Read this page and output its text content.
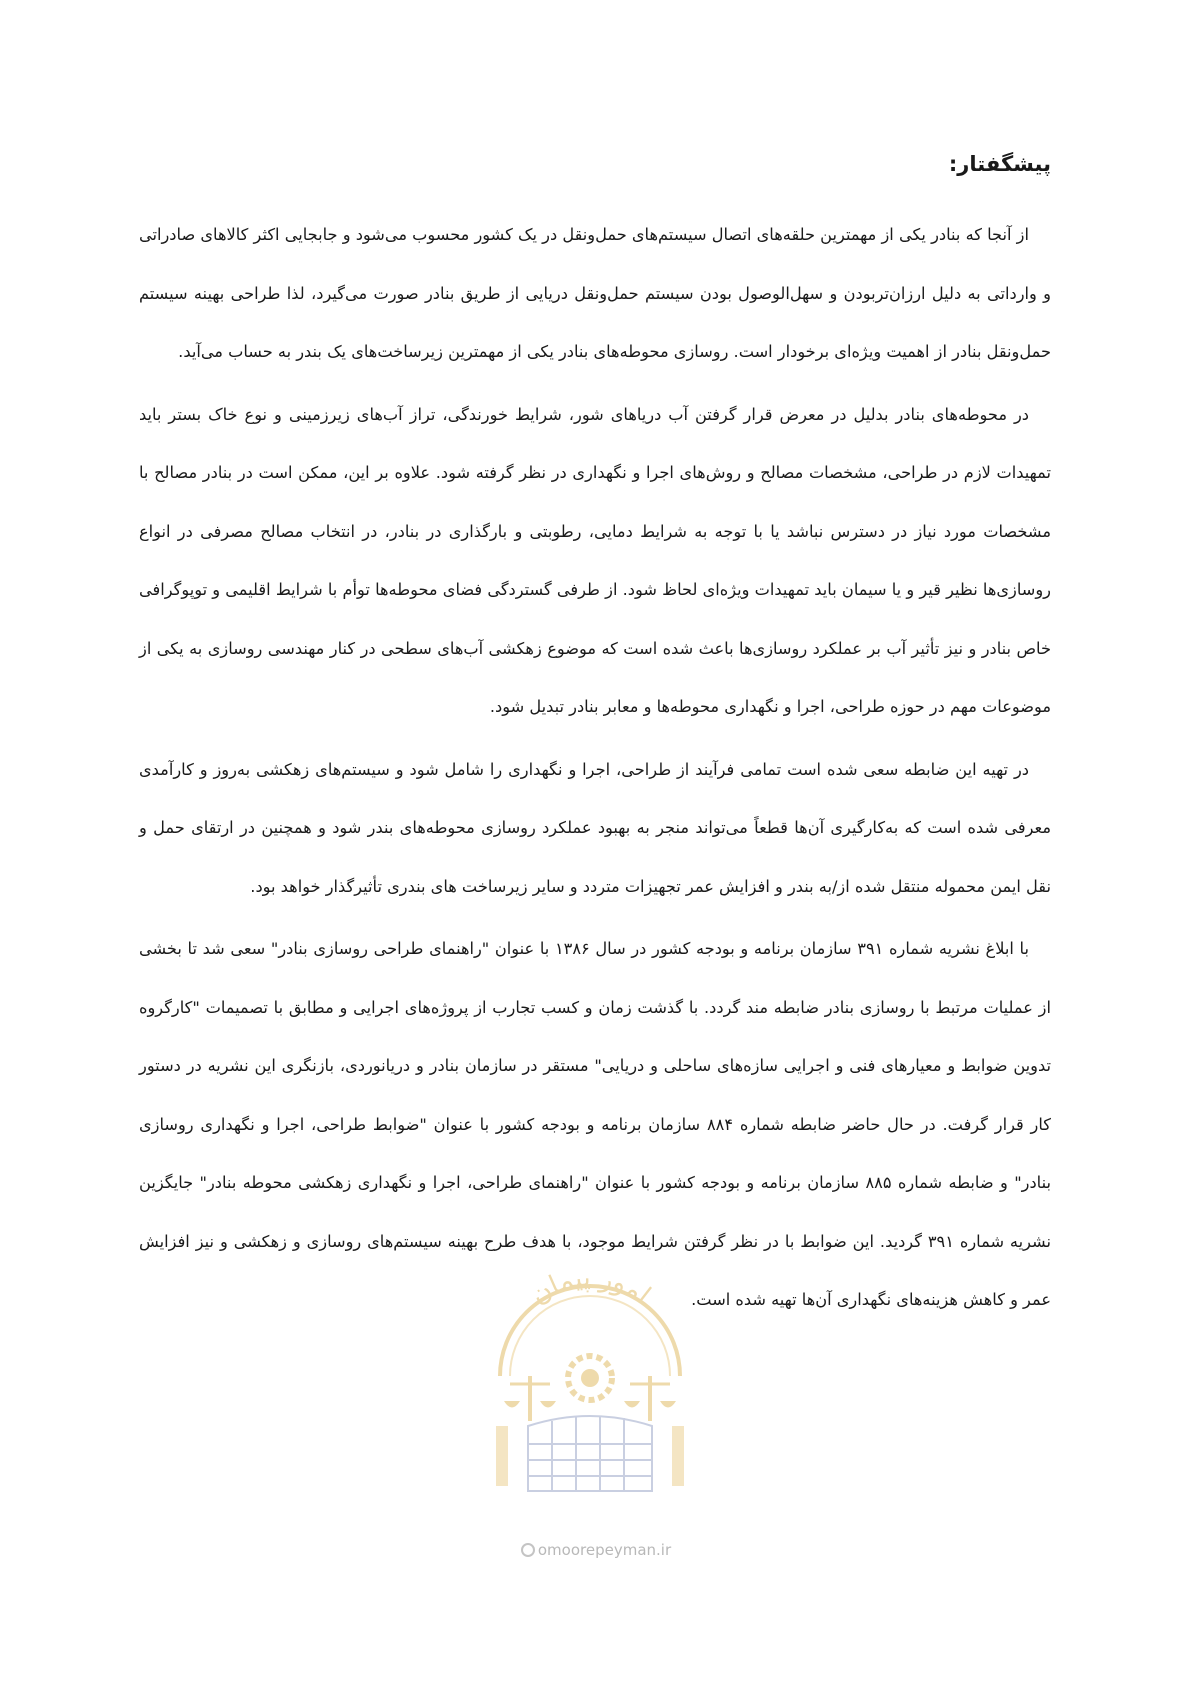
پیشگفتار:

از آنجا که بنادر یکی از مهمترین حلقه‌های اتصال سیستم‌های حمل‌ونقل در یک کشور محسوب می‌شود و جابجایی اکثر کالاهای صادراتی و وارداتی به دلیل ارزان‌تربودن و سهل‌الوصول بودن سیستم حمل‌ونقل دریایی از طریق بنادر صورت می‌گیرد، لذا طراحی بهینه سیستم حمل‌ونقل بنادر از اهمیت ویژه‌ای برخودار است. روسازی محوطه‌های بنادر یکی از مهمترین زیرساخت‌های یک بندر به حساب می‌آید.

در محوطه‌های بنادر بدلیل در معرض قرار گرفتن آب دریاهای شور، شرایط خورندگی، تراز آب‌های زیرزمینی و نوع خاک بستر باید تمهیدات لازم در طراحی، مشخصات مصالح و روش‌های اجرا و نگهداری در نظر گرفته شود. علاوه بر این، ممکن است در بنادر مصالح با مشخصات مورد نیاز در دسترس نباشد یا با توجه به شرایط دمایی، رطوبتی و بارگذاری در بنادر، در انتخاب مصالح مصرفی در انواع روسازی‌ها نظیر قیر و یا سیمان باید تمهیدات ویژه‌ای لحاظ شود. از طرفی گستردگی فضای محوطه‌ها توأم با شرایط اقلیمی و توپوگرافی خاص بنادر و نیز تأثیر آب بر عملکرد روسازی‌ها باعث شده است که موضوع زهکشی آب‌های سطحی در کنار مهندسی روسازی به یکی از موضوعات مهم در حوزه طراحی، اجرا و نگهداری محوطه‌ها و معابر بنادر تبدیل شود.

در تهیه این ضابطه سعی شده است تمامی فرآیند از طراحی، اجرا و نگهداری را شامل شود و سیستم‌های زهکشی به‌روز و کارآمدی معرفی شده است که به‌کارگیری آن‌ها قطعاً می‌تواند منجر به بهبود عملکرد روسازی محوطه‌های بندر شود و همچنین در ارتقای حمل و نقل ایمن محموله منتقل شده از/به بندر و افزایش عمر تجهیزات متردد و سایر زیرساخت های بندری تأثیرگذار خواهد بود.

با ابلاغ نشریه شماره ۳۹۱ سازمان برنامه و بودجه کشور در سال ۱۳۸۶ با عنوان "راهنمای طراحی روسازی بنادر" سعی شد تا بخشی از عملیات مرتبط با روسازی بنادر ضابطه مند گردد. با گذشت زمان و کسب تجارب از پروژه‌های اجرایی و مطابق با تصمیمات "کارگروه تدوین ضوابط و معیارهای فنی و اجرایی سازه‌های ساحلی و دریایی" مستقر در سازمان بنادر و دریانوردی، بازنگری این نشریه در دستور کار قرار گرفت. در حال حاضر ضابطه شماره ۸۸۴ سازمان برنامه و بودجه کشور با عنوان "ضوابط طراحی، اجرا و نگهداری روسازی بنادر" و ضابطه شماره ۸۸۵ سازمان برنامه و بودجه کشور با عنوان "راهنمای طراحی، اجرا و نگهداری زهکشی محوطه بنادر" جایگزین نشریه شماره ۳۹۱ گردید. این ضوابط با در نظر گرفتن شرایط موجود، با هدف طرح بهینه سیستم‌های روسازی و زهکشی و نیز افزایش عمر و کاهش هزینه‌های نگهداری آن‌ها تهیه شده است.

امور پیمان
omoorepeyman.ir
